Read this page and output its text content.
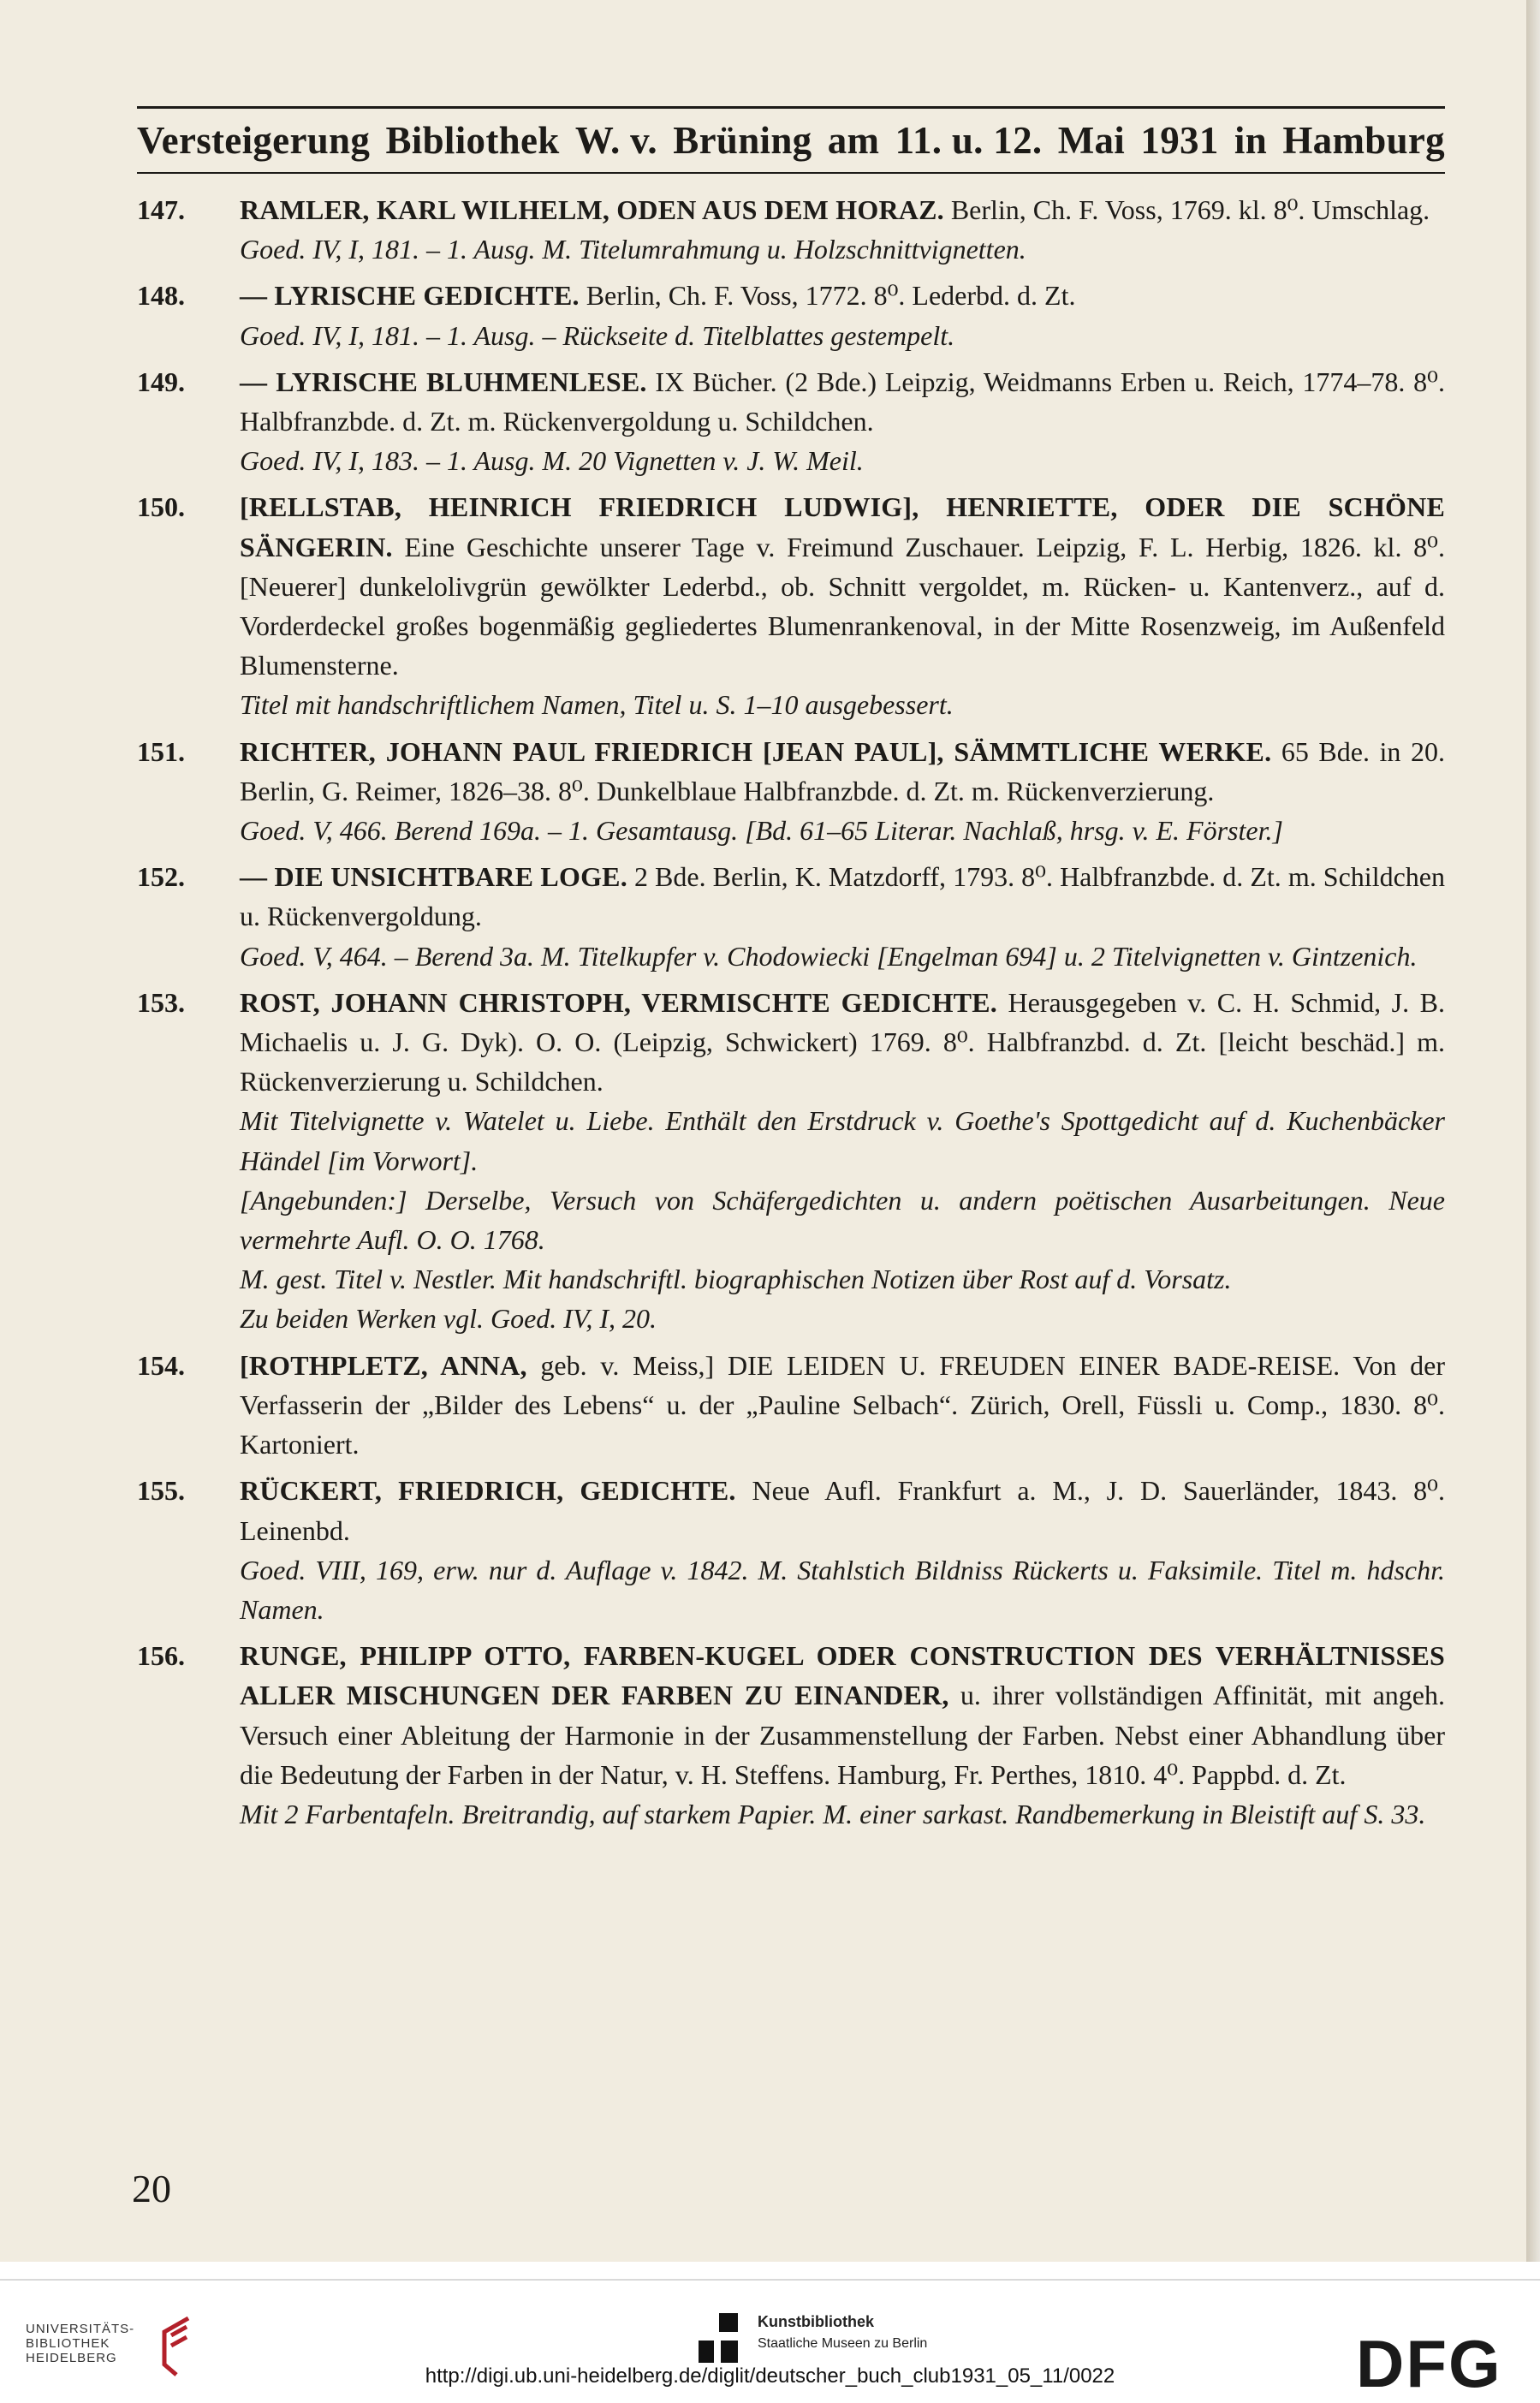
Versteigerung Bibliothek W. v. Brüning am 11. u. 12. Mai 1931 in Hamburg

147. RAMLER, KARL WILHELM, ODEN AUS DEM HORAZ. Berlin, Ch. F. Voss, 1769. kl. 8⁰. Umschlag.

Goed. IV, I, 181. – 1. Ausg. M. Titelumrahmung u. Holzschnittvignetten.

148. — LYRISCHE GEDICHTE. Berlin, Ch. F. Voss, 1772. 8⁰. Lederbd. d. Zt.

Goed. IV, I, 181. – 1. Ausg. – Rückseite d. Titelblattes gestempelt.

149. — LYRISCHE BLUHMENLESE. IX Bücher. (2 Bde.) Leipzig, Weidmanns Erben u. Reich, 1774–78. 8⁰. Halbfranzbde. d. Zt. m. Rückenvergoldung u. Schildchen.

Goed. IV, I, 183. – 1. Ausg. M. 20 Vignetten v. J. W. Meil.

150. [RELLSTAB, HEINRICH FRIEDRICH LUDWIG], HENRIETTE, ODER DIE SCHÖNE SÄNGERIN. Eine Geschichte unserer Tage v. Freimund Zuschauer. Leipzig, F. L. Herbig, 1826. kl. 8⁰. [Neuerer] dunkelolivgrün gewölkter Lederbd., ob. Schnitt vergoldet, m. Rücken- u. Kantenverz., auf d. Vorderdeckel großes bogenmäßig gegliedertes Blumenrankenoval, in der Mitte Rosenzweig, im Außenfeld Blumensterne.

Titel mit handschriftlichem Namen, Titel u. S. 1–10 ausgebessert.

151. RICHTER, JOHANN PAUL FRIEDRICH [JEAN PAUL], SÄMMTLICHE WERKE. 65 Bde. in 20. Berlin, G. Reimer, 1826–38. 8⁰. Dunkelblaue Halbfranzbde. d. Zt. m. Rückenverzierung.

Goed. V, 466. Berend 169a. – 1. Gesamtausg. [Bd. 61–65 Literar. Nachlaß, hrsg. v. E. Förster.]

152. — DIE UNSICHTBARE LOGE. 2 Bde. Berlin, K. Matzdorff, 1793. 8⁰. Halbfranzbde. d. Zt. m. Schildchen u. Rückenvergoldung.

Goed. V, 464. – Berend 3a. M. Titelkupfer v. Chodowiecki [Engelman 694] u. 2 Titelvignetten v. Gintzenich.

153. ROST, JOHANN CHRISTOPH, VERMISCHTE GEDICHTE. Herausgegeben v. C. H. Schmid, J. B. Michaelis u. J. G. Dyk). O. O. (Leipzig, Schwickert) 1769. 8⁰. Halbfranzbd. d. Zt. [leicht beschäd.] m. Rückenverzierung u. Schildchen.

Mit Titelvignette v. Watelet u. Liebe. Enthält den Erstdruck v. Goethe's Spottgedicht auf d. Kuchenbäcker Händel [im Vorwort].

[Angebunden:] Derselbe, Versuch von Schäfergedichten u. andern poëtischen Ausarbeitungen. Neue vermehrte Aufl. O. O. 1768.

M. gest. Titel v. Nestler. Mit handschriftl. biographischen Notizen über Rost auf d. Vorsatz.

Zu beiden Werken vgl. Goed. IV, I, 20.

154. [ROTHPLETZ, ANNA, geb. v. Meiss,] DIE LEIDEN U. FREUDEN EINER BADE-REISE. Von der Verfasserin der „Bilder des Lebens“ u. der „Pauline Selbach“. Zürich, Orell, Füssli u. Comp., 1830. 8⁰. Kartoniert.

155. RÜCKERT, FRIEDRICH, GEDICHTE. Neue Aufl. Frankfurt a. M., J. D. Sauerländer, 1843. 8⁰. Leinenbd.

Goed. VIII, 169, erw. nur d. Auflage v. 1842. M. Stahlstich Bildniss Rückerts u. Faksimile. Titel m. hdschr. Namen.

156. RUNGE, PHILIPP OTTO, FARBEN-KUGEL ODER CONSTRUCTION DES VERHÄLTNISSES ALLER MISCHUNGEN DER FARBEN ZU EINANDER, u. ihrer vollständigen Affinität, mit angeh. Versuch einer Ableitung der Harmonie in der Zusammenstellung der Farben. Nebst einer Abhandlung über die Bedeutung der Farben in der Natur, v. H. Steffens. Hamburg, Fr. Perthes, 1810. 4⁰. Pappbd. d. Zt.

Mit 2 Farbentafeln. Breitrandig, auf starkem Papier. M. einer sarkast. Randbemerkung in Bleistift auf S. 33.

20
UNIVERSITÄTS-
BIBLIOTHEK
HEIDELBERG
Kunstbibliothek
Staatliche Museen zu Berlin	DFG
http://digi.ub.uni-heidelberg.de/diglit/deutscher_buch_club1931_05_11/0022
